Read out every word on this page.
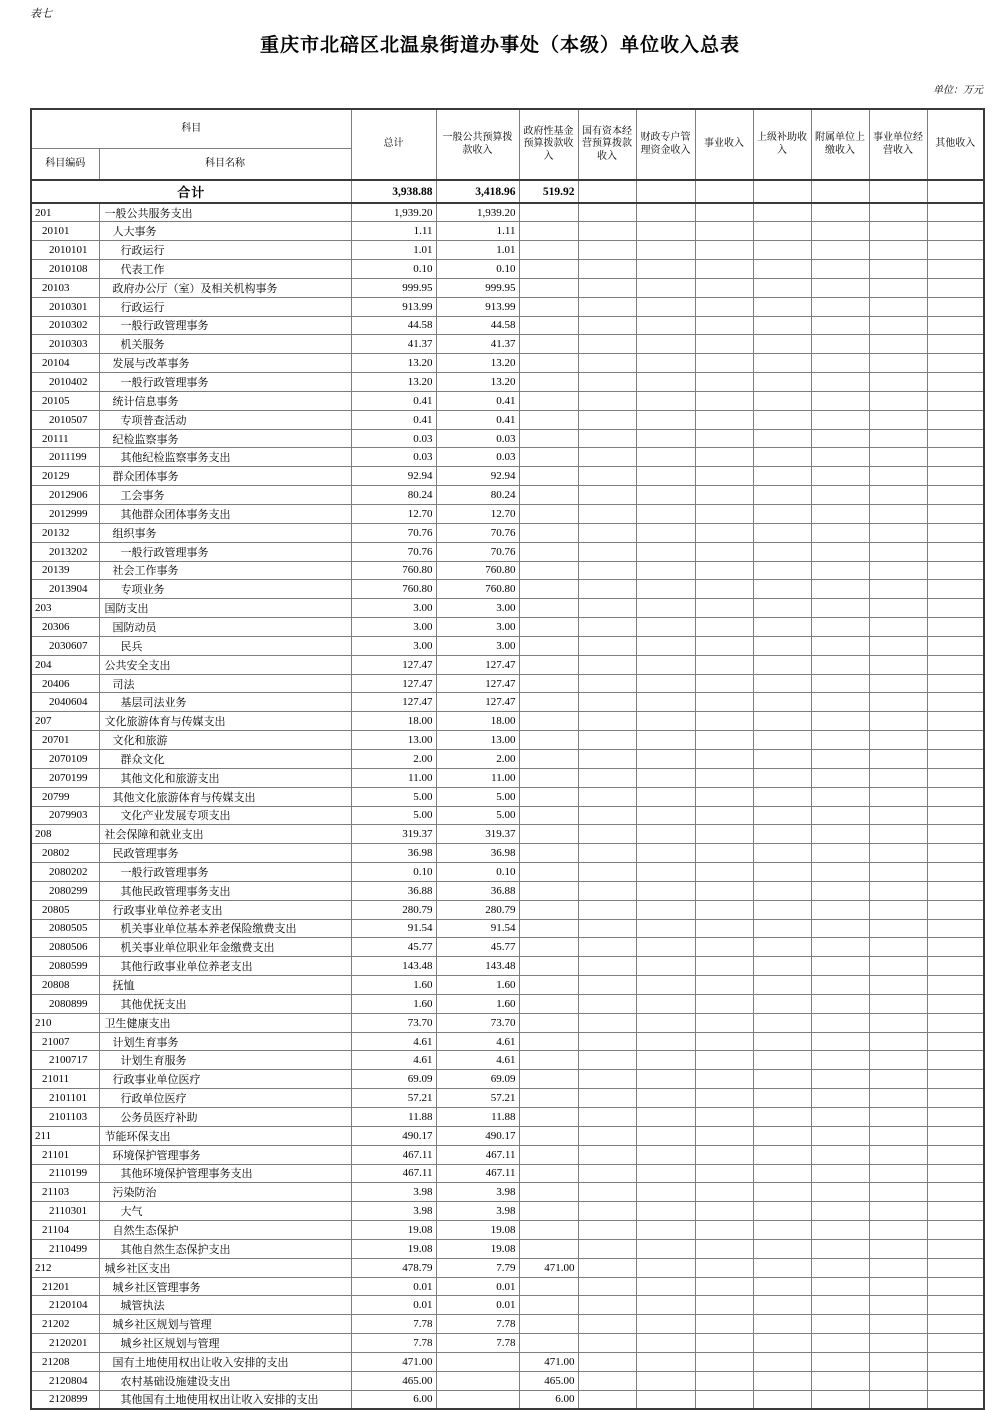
表七
重庆市北碚区北温泉街道办事处（本级）单位收入总表
单位：万元
科目		总计	一般公共预算拨款收入	政府性基金预算拨款收入	国有资本经营预算拨款收入	财政专户管理资金收入	事业收入	上级补助收入	附属单位上缴收入	事业单位经营收入	其他收入
科目编码	科目名称										
合计		3,938.88	3,418.96	519.92							
201	一般公共服务支出	1,939.20	1,939.20								
20101	人大事务	1.11	1.11								
2010101	行政运行	1.01	1.01								
2010108	代表工作	0.10	0.10								
20103	政府办公厅（室）及相关机构事务	999.95	999.95								
2010301	行政运行	913.99	913.99								
2010302	一般行政管理事务	44.58	44.58								
2010303	机关服务	41.37	41.37								
20104	发展与改革事务	13.20	13.20								
2010402	一般行政管理事务	13.20	13.20								
20105	统计信息事务	0.41	0.41								
2010507	专项普查活动	0.41	0.41								
20111	纪检监察事务	0.03	0.03								
2011199	其他纪检监察事务支出	0.03	0.03								
20129	群众团体事务	92.94	92.94								
2012906	工会事务	80.24	80.24								
2012999	其他群众团体事务支出	12.70	12.70								
20132	组织事务	70.76	70.76								
2013202	一般行政管理事务	70.76	70.76								
20139	社会工作事务	760.80	760.80								
2013904	专项业务	760.80	760.80								
203	国防支出	3.00	3.00								
20306	国防动员	3.00	3.00								
2030607	民兵	3.00	3.00								
204	公共安全支出	127.47	127.47								
20406	司法	127.47	127.47								
2040604	基层司法业务	127.47	127.47								
207	文化旅游体育与传媒支出	18.00	18.00								
20701	文化和旅游	13.00	13.00								
2070109	群众文化	2.00	2.00								
2070199	其他文化和旅游支出	11.00	11.00								
20799	其他文化旅游体育与传媒支出	5.00	5.00								
2079903	文化产业发展专项支出	5.00	5.00								
208	社会保障和就业支出	319.37	319.37								
20802	民政管理事务	36.98	36.98								
2080202	一般行政管理事务	0.10	0.10								
2080299	其他民政管理事务支出	36.88	36.88								
20805	行政事业单位养老支出	280.79	280.79								
2080505	机关事业单位基本养老保险缴费支出	91.54	91.54								
2080506	机关事业单位职业年金缴费支出	45.77	45.77								
2080599	其他行政事业单位养老支出	143.48	143.48								
20808	抚恤	1.60	1.60								
2080899	其他优抚支出	1.60	1.60								
210	卫生健康支出	73.70	73.70								
21007	计划生育事务	4.61	4.61								
2100717	计划生育服务	4.61	4.61								
21011	行政事业单位医疗	69.09	69.09								
2101101	行政单位医疗	57.21	57.21								
2101103	公务员医疗补助	11.88	11.88								
211	节能环保支出	490.17	490.17								
21101	环境保护管理事务	467.11	467.11								
2110199	其他环境保护管理事务支出	467.11	467.11								
21103	污染防治	3.98	3.98								
2110301	大气	3.98	3.98								
21104	自然生态保护	19.08	19.08								
2110499	其他自然生态保护支出	19.08	19.08								
212	城乡社区支出	478.79	7.79	471.00							
21201	城乡社区管理事务	0.01	0.01								
2120104	城管执法	0.01	0.01								
21202	城乡社区规划与管理	7.78	7.78								
2120201	城乡社区规划与管理	7.78	7.78								
21208	国有土地使用权出让收入安排的支出	471.00		471.00							
2120804	农村基础设施建设支出	465.00		465.00							
2120899	其他国有土地使用权出让收入安排的支出	6.00		6.00							
